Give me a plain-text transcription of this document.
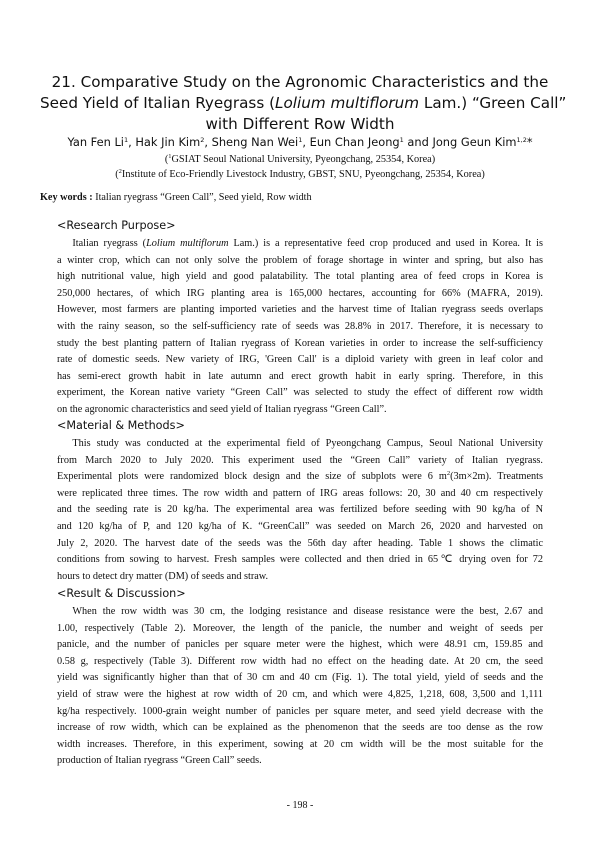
21. Comparative Study on the Agronomic Characteristics and the
Seed Yield of Italian Ryegrass (Lolium multiflorum Lam.) “Green Call”
with Different Row Width
Yan Fen Li$^1$, Hak Jin Kim$^2$, Sheng Nan Wei$^1$, Eun Chan Jeong$^1$ and Jong Geun Kim$^{1,2}$*
($^1$GSIAT Seoul National University, Pyeongchang, 25354, Korea)
($^2$Institute of Eco-Friendly Livestock Industry, GBST, SNU, Pyeongchang, 25354, Korea)
Key words : Italian ryegrass “Green Call”, Seed yield, Row width
<Research Purpose>

  Italian ryegrass (Lolium multiflorum Lam.) is a representative feed crop produced and used in Korea. It is
a winter crop, which can not only solve the problem of forage shortage in winter and spring, but also has
high nutritional value, high yield and good palatability. The total planting area of feed crops in Korea is
250,000 hectares, of which IRG planting area is 165,000 hectares, accounting for 66% (MAFRA, 2019).
However, most farmers are planting imported varieties and the harvest time of Italian ryegrass seeds overlaps
with the rainy season, so the self-sufficiency rate of seeds was 28.8% in 2017. Therefore, it is necessary to
study the best planting pattern of Italian ryegrass of Korean varieties in order to increase the self-sufficiency
rate of domestic seeds. New variety of IRG, 'Green Call' is a diploid variety with green in leaf color and
has semi-erect growth habit in late autumn and erect growth habit in early spring. Therefore, in this
experiment, the Korean native variety “Green Call” was selected to study the effect of different row width
on the agronomic characteristics and seed yield of Italian ryegrass “Green Call”.

<Material & Methods>

  This study was conducted at the experimental field of Pyeongchang Campus, Seoul National University
from March 2020 to July 2020. This experiment used the “Green Call” variety of Italian ryegrass.
Experimental plots were randomized block design and the size of subplots were 6 $m^2(3m\times 2m)$. Treatments
were replicated three times. The row width and pattern of IRG areas follows: 20, 30 and 40 cm respectively
and the seeding rate is 20 kg/ha. The experimental area was fertilized before seeding with 90 kg/ha of N
and 120 kg/ha of P, and 120 kg/ha of K. “GreenCall” was seeded on March 26, 2020 and harvested on
July 2, 2020. The harvest date of the seeds was the 56th day after heading. Table 1 shows the climatic
conditions from sowing to harvest. Fresh samples were collected and then dried in 65℃ drying oven for 72
hours to detect dry matter (DM) of seeds and straw.

<Result & Discussion>

  When the row width was 30 cm, the lodging resistance and disease resistance were the best, 2.67 and
1.00, respectively (Table 2). Moreover, the length of the panicle, the number and weight of seeds per
panicle, and the number of panicles per square meter were the highest, which were 48.91 cm, 159.85 and
0.58 g, respectively (Table 3). Different row width had no effect on the heading date. At 20 cm, the seed
yield was significantly higher than that of 30 cm and 40 cm (Fig. 1). The total yield, yield of seeds and the
yield of straw were the highest at row width of 20 cm, and which were 4,825, 1,218, 608, 3,500 and 1,111
kg/ha respectively. 1000-grain weight number of panicles per square meter, and seed yield decrease with the
increase of row width, which can be explained as the phenomenon that the seeds are too dense as the row
width increases. Therefore, in this experiment, sowing at 20 cm width will be the most suitable for the
production of Italian ryegrass “Green Call” seeds.

- 198 -
